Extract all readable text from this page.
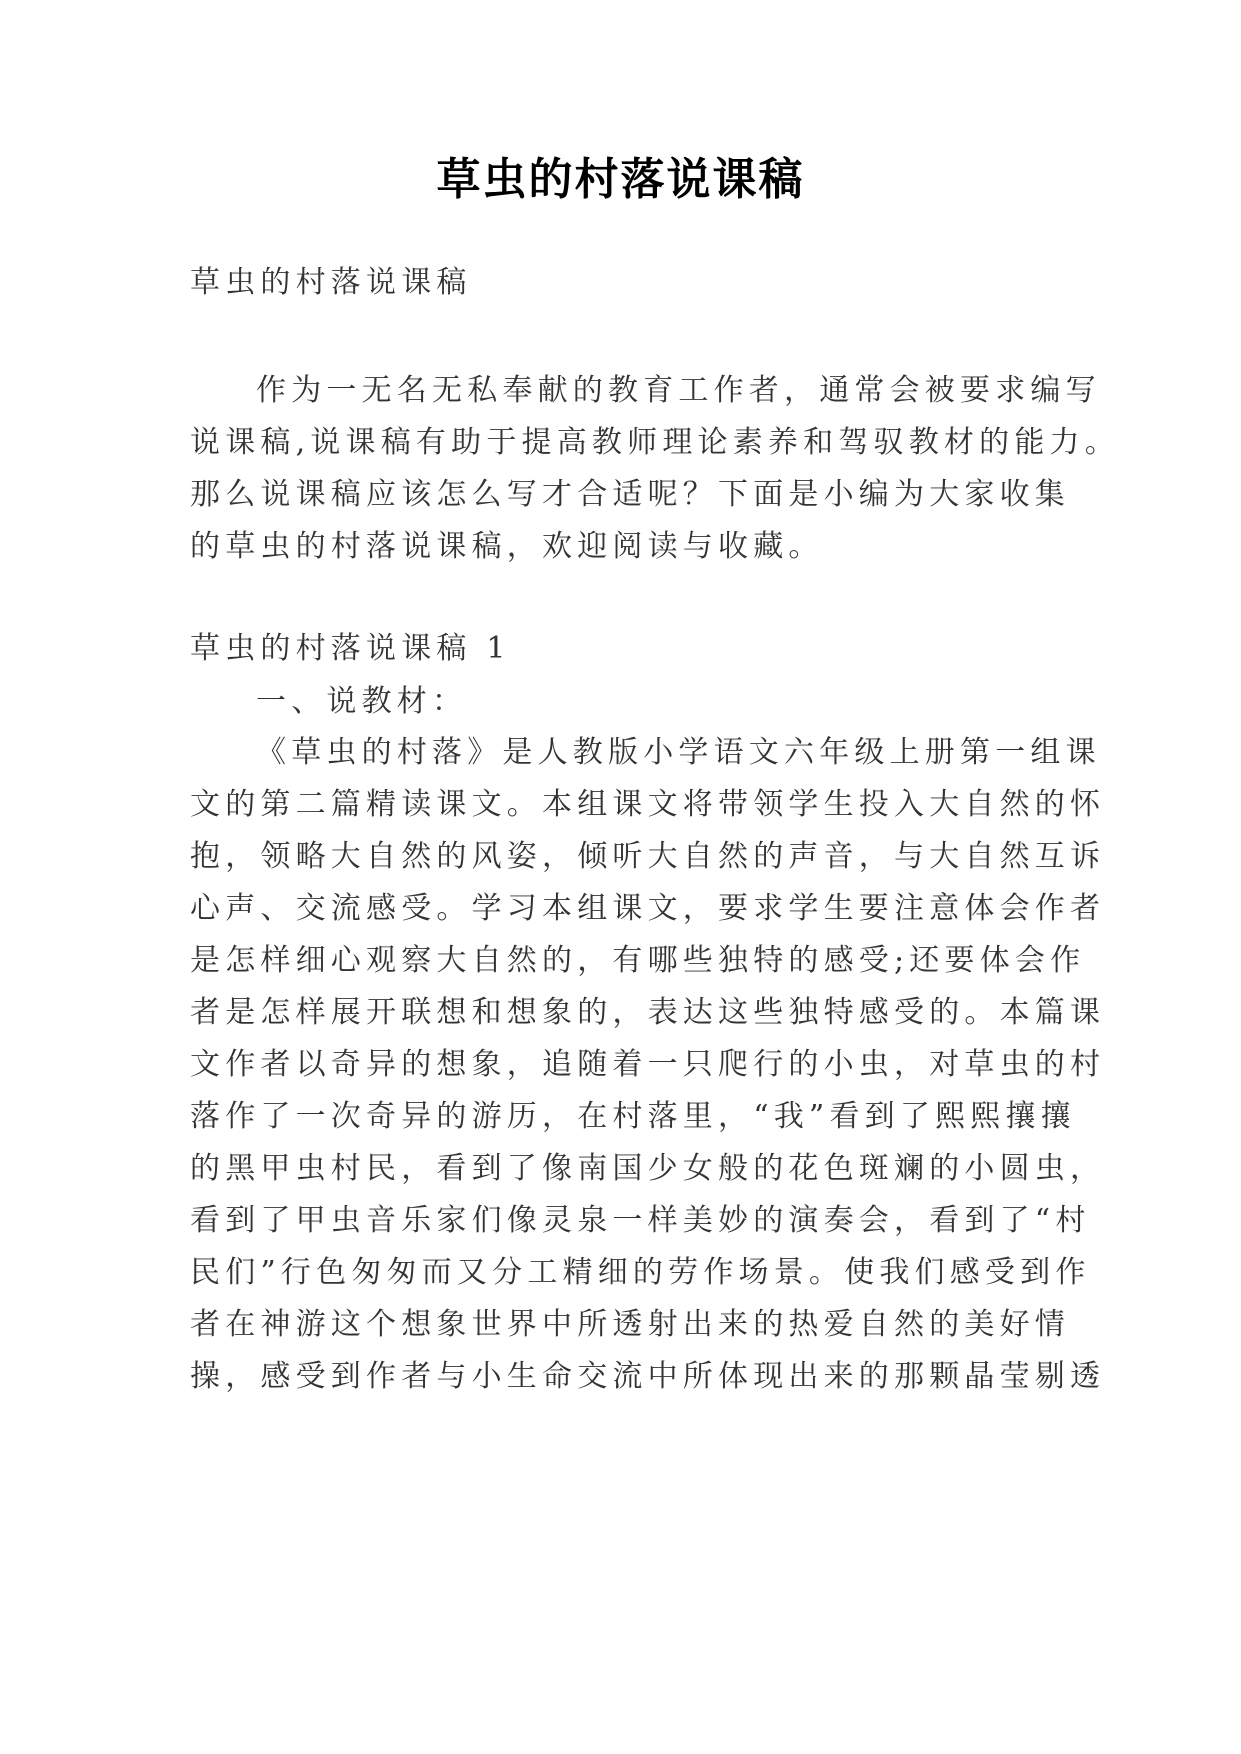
草虫的村落说课稿

草虫的村落说课稿

作为一无名无私奉献的教育工作者，通常会被要求编写

说课稿,说课稿有助于提高教师理论素养和驾驭教材的能力。

那么说课稿应该怎么写才合适呢？下面是小编为大家收集

的草虫的村落说课稿，欢迎阅读与收藏。

草虫的村落说课稿 1

一、说教材：

《草虫的村落》是人教版小学语文六年级上册第一组课

文的第二篇精读课文。本组课文将带领学生投入大自然的怀

抱，领略大自然的风姿，倾听大自然的声音，与大自然互诉

心声、交流感受。学习本组课文，要求学生要注意体会作者

是怎样细心观察大自然的，有哪些独特的感受;还要体会作

者是怎样展开联想和想象的，表达这些独特感受的。本篇课

文作者以奇异的想象，追随着一只爬行的小虫，对草虫的村

落作了一次奇异的游历，在村落里，“我”看到了熙熙攘攘

的黑甲虫村民，看到了像南国少女般的花色斑斓的小圆虫，

看到了甲虫音乐家们像灵泉一样美妙的演奏会，看到了“村

民们”行色匆匆而又分工精细的劳作场景。使我们感受到作

者在神游这个想象世界中所透射出来的热爱自然的美好情

操，感受到作者与小生命交流中所体现出来的那颗晶莹剔透
